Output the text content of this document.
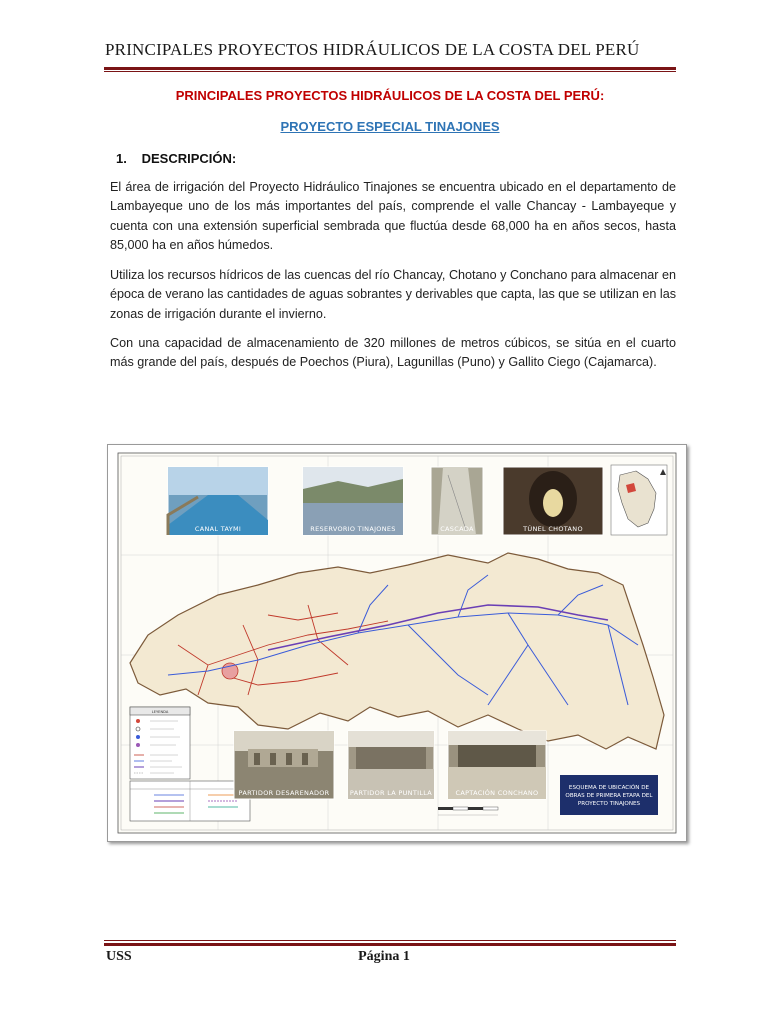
PRINCIPALES PROYECTOS HIDRÁULICOS DE LA COSTA DEL PERÚ
PRINCIPALES PROYECTOS HIDRÁULICOS DE LA COSTA DEL PERÚ:
PROYECTO ESPECIAL TINAJONES
1. DESCRIPCIÓN:
El área de irrigación del Proyecto Hidráulico Tinajones se encuentra ubicado en el departamento de Lambayeque uno de los más importantes del país, comprende el valle Chancay - Lambayeque y cuenta con una extensión superficial sembrada que fluctúa desde 68,000 ha en años secos, hasta 85,000 ha en años húmedos.
Utiliza los recursos hídricos de las cuencas del río Chancay, Chotano y Conchano para almacenar en época de verano las cantidades de aguas sobrantes y derivables que capta, las que se utilizan en las zonas de irrigación durante el invierno.
Con una capacidad de almacenamiento de 320 millones de metros cúbicos, se sitúa en el cuarto más grande del país, después de Poechos (Piura), Lagunillas (Puno) y Gallito Ciego (Cajamarca).
CANAL TAYMI	RESERVORIO TINAJONES	CASCADA	TÚNEL CHOTANO
LEYENDA
PARTIDOR DESARENADOR	PARTIDOR LA PUNTILLA	CAPTACIÓN CONCHANO
ESQUEMA DE UBICACIÓN DE
OBRAS DE PRIMERA ETAPA DEL
PROYECTO TINAJONES
USS	Página 1
